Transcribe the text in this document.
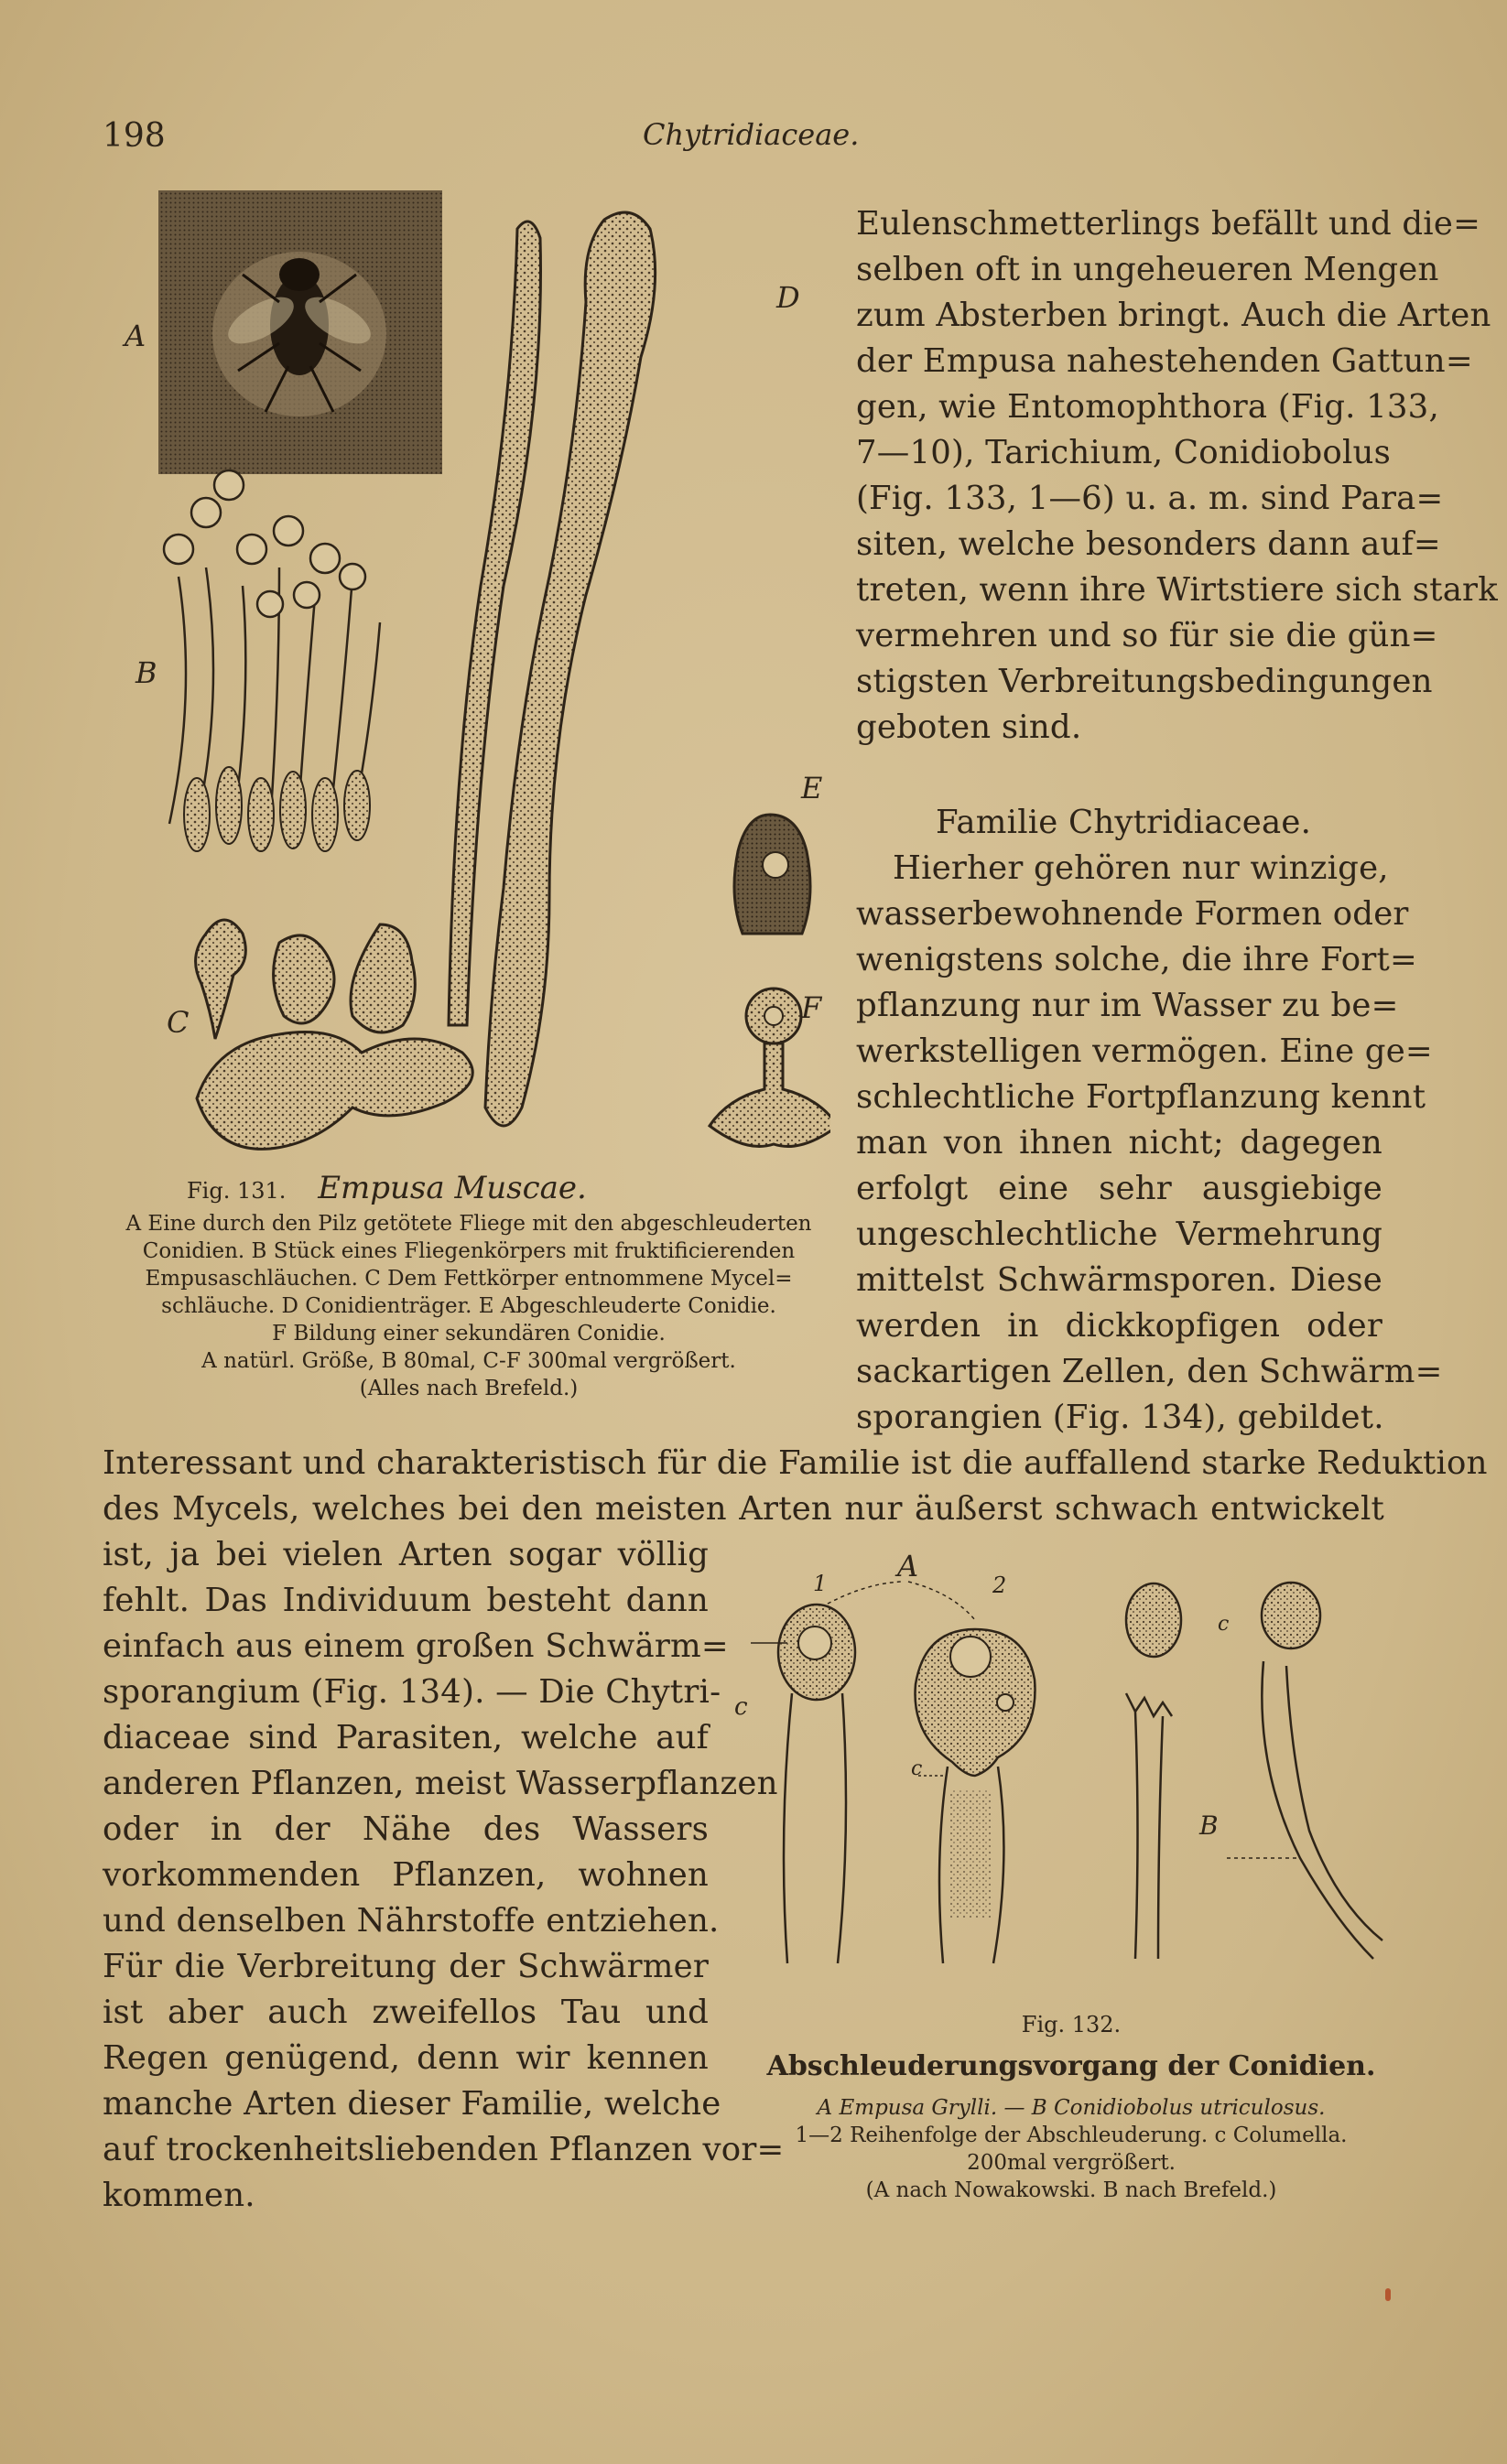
198	Chytridiaceae.
A
B
C
D
E
F
Fig. 131. Empusa Muscae.
A Eine durch den Pilz getötete Fliege mit den abgeschleuderten
Conidien. B Stück eines Fliegenkörpers mit fruktificierenden
Empusaschläuchen. C Dem Fettkörper entnommene Mycel=
schläuche. D Conidienträger. E Abgeschleuderte Conidie.
F Bildung einer sekundären Conidie.
A natürl. Größe, B 80mal, C-F 300mal vergrößert.
(Alles nach Brefeld.)
Eulenschmetterlings befällt und die=
selben oft in ungeheueren Mengen
zum Absterben bringt. Auch die Arten
der Empusa nahestehenden Gattun=
gen, wie Entomophthora (Fig. 133,
7—10), Tarichium, Conidiobolus
(Fig. 133, 1—6) u. a. m. sind Para=
siten, welche besonders dann auf=
treten, wenn ihre Wirtstiere sich stark
vermehren und so für sie die gün=
stigsten Verbreitungsbedingungen
geboten sind.
Familie Chytridiaceae.
Hierher gehören nur winzige,
wasserbewohnende Formen oder
wenigstens solche, die ihre Fort=
pflanzung nur im Wasser zu be=
werkstelligen vermögen. Eine ge=
schlechtliche Fortpflanzung kennt
man von ihnen nicht; dagegen
erfolgt eine sehr ausgiebige
ungeschlechtliche Vermehrung
mittelst Schwärmsporen. Diese
werden in dickkopfigen oder
sackartigen Zellen, den Schwärm=
sporangien (Fig. 134), gebildet.
Interessant und charakteristisch für die Familie ist die auffallend starke Reduktion
des Mycels, welches bei den meisten Arten nur äußerst schwach entwickelt
ist, ja bei vielen Arten sogar völlig
fehlt. Das Individuum besteht dann
einfach aus einem großen Schwärm=
sporangium (Fig. 134). — Die Chytri-
diaceae sind Parasiten, welche auf
anderen Pflanzen, meist Wasserpflanzen
oder in der Nähe des Wassers
vorkommenden Pflanzen, wohnen
und denselben Nährstoffe entziehen.
Für die Verbreitung der Schwärmer
ist aber auch zweifellos Tau und
Regen genügend, denn wir kennen
manche Arten dieser Familie, welche
auf trockenheitsliebenden Pflanzen vor=
kommen.
A
1	2
c
c
c
B
Fig. 132.
Abschleuderungsvorgang der Conidien.
A Empusa Grylli. — B Conidiobolus utriculosus.
1—2 Reihenfolge der Abschleuderung. c Columella.
200mal vergrößert.
(A nach Nowakowski. B nach Brefeld.)
